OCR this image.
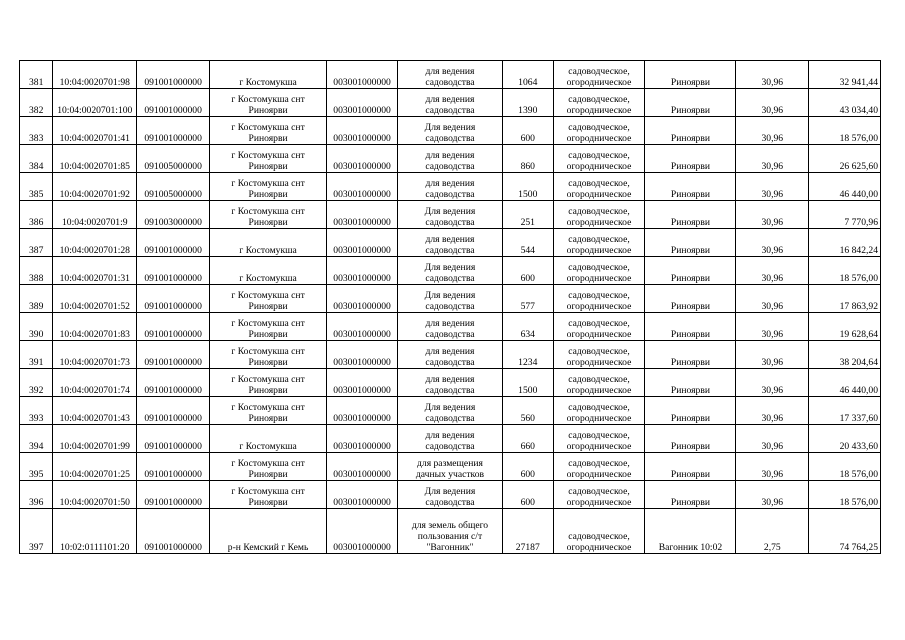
381	10:04:0020701:98	091001000000	г Костомукша	003001000000	для ведения
садоводства	1064	садоводческое,
огородническое	Риноярви	30,96	32 941,44
382	10:04:0020701:100	091001000000	г Костомукша снт
Риноярви	003001000000	для ведения
садоводства	1390	садоводческое,
огородническое	Риноярви	30,96	43 034,40
383	10:04:0020701:41	091001000000	г Костомукша снт
Риноярви	003001000000	Для ведения
садоводства	600	садоводческое,
огородническое	Риноярви	30,96	18 576,00
384	10:04:0020701:85	091005000000	г Костомукша снт
Риноярви	003001000000	для ведения
садоводства	860	садоводческое,
огородническое	Риноярви	30,96	26 625,60
385	10:04:0020701:92	091005000000	г Костомукша снт
Риноярви	003001000000	для ведения
садоводства	1500	садоводческое,
огородническое	Риноярви	30,96	46 440,00
386	10:04:0020701:9	091003000000	г Костомукша снт
Риноярви	003001000000	Для ведения
садоводства	251	садоводческое,
огородническое	Риноярви	30,96	7 770,96
387	10:04:0020701:28	091001000000	г Костомукша	003001000000	для ведения
садоводства	544	садоводческое,
огородническое	Риноярви	30,96	16 842,24
388	10:04:0020701:31	091001000000	г Костомукша	003001000000	Для ведения
садоводства	600	садоводческое,
огородническое	Риноярви	30,96	18 576,00
389	10:04:0020701:52	091001000000	г Костомукша снт
Риноярви	003001000000	Для ведения
садоводства	577	садоводческое,
огородническое	Риноярви	30,96	17 863,92
390	10:04:0020701:83	091001000000	г Костомукша снт
Риноярви	003001000000	для ведения
садоводства	634	садоводческое,
огородническое	Риноярви	30,96	19 628,64
391	10:04:0020701:73	091001000000	г Костомукша снт
Риноярви	003001000000	для ведения
садоводства	1234	садоводческое,
огородническое	Риноярви	30,96	38 204,64
392	10:04:0020701:74	091001000000	г Костомукша снт
Риноярви	003001000000	для ведения
садоводства	1500	садоводческое,
огородническое	Риноярви	30,96	46 440,00
393	10:04:0020701:43	091001000000	г Костомукша снт
Риноярви	003001000000	Для ведения
садоводства	560	садоводческое,
огородническое	Риноярви	30,96	17 337,60
394	10:04:0020701:99	091001000000	г Костомукша	003001000000	для ведения
садоводства	660	садоводческое,
огородническое	Риноярви	30,96	20 433,60
395	10:04:0020701:25	091001000000	г Костомукша снт
Риноярви	003001000000	для размещения
дачных участков	600	садоводческое,
огородническое	Риноярви	30,96	18 576,00
396	10:04:0020701:50	091001000000	г Костомукша снт
Риноярви	003001000000	Для ведения
садоводства	600	садоводческое,
огородническое	Риноярви	30,96	18 576,00
397	10:02:0111101:20	091001000000	р-н Кемский г Кемь	003001000000	для земель общего
пользования с/т
"Вагонник"	27187	садоводческое,
огородническое	Вагонник 10:02	2,75	74 764,25
